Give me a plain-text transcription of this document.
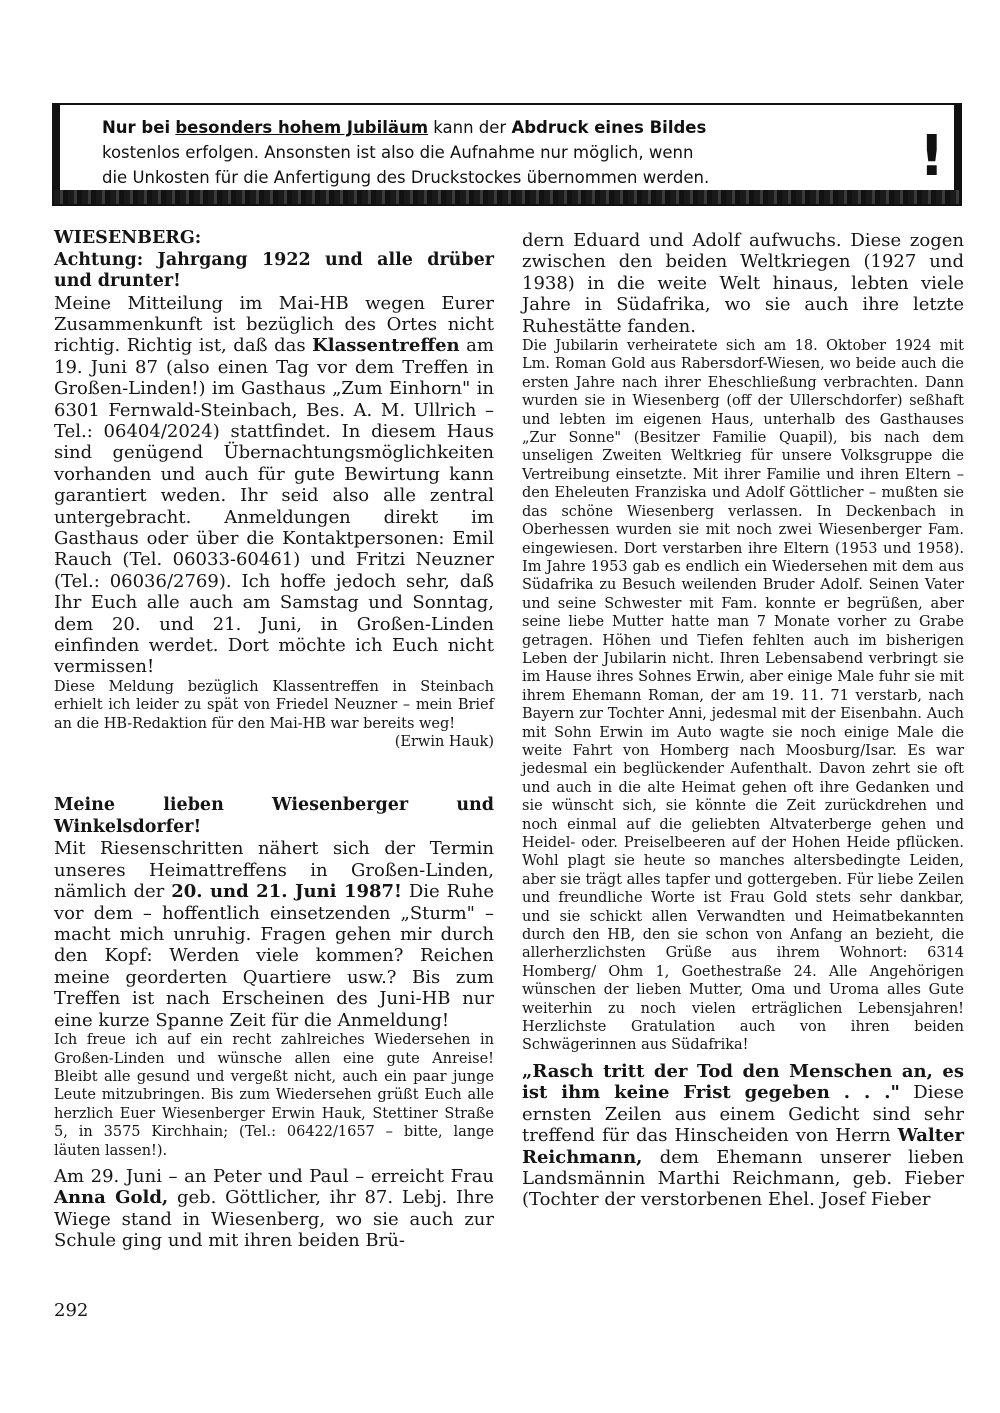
Nur bei besonders hohem Jubiläum kann der Abdruck eines Bildes

kostenlos erfolgen. Ansonsten ist also die Aufnahme nur möglich, wenn

die Unkosten für die Anfertigung des Druckstockes übernommen werden.	!
WIESENBERG:
Achtung: Jahrgang 1922 und alle drüber und drunter!

Meine Mitteilung im Mai-HB wegen Eurer Zusammenkunft ist bezüglich des Ortes nicht richtig. Richtig ist, daß das Klassentreffen am 19. Juni 87 (also einen Tag vor dem Treffen in Großen-Linden!) im Gasthaus „Zum Einhorn" in 6301 Fernwald-Steinbach, Bes. A. M. Ullrich – Tel.: 06404/2024) stattfindet. In diesem Haus sind genügend Übernachtungsmöglichkeiten vorhanden und auch für gute Bewirtung kann garantiert weden. Ihr seid also alle zentral untergebracht. Anmeldungen direkt im Gasthaus oder über die Kontaktpersonen: Emil Rauch (Tel. 06033-60461) und Fritzi Neuzner (Tel.: 06036/2769). Ich hoffe jedoch sehr, daß Ihr Euch alle auch am Samstag und Sonntag, dem 20. und 21. Juni, in Großen-Linden einfinden werdet. Dort möchte ich Euch nicht vermissen!

Diese Meldung bezüglich Klassentreffen in Steinbach erhielt ich leider zu spät von Friedel Neuzner – mein Brief an die HB-Redaktion für den Mai-HB war bereits weg!
(Erwin Hauk)

Meine lieben Wiesenberger und Winkelsdorfer!

Mit Riesenschritten nähert sich der Termin unseres Heimattreffens in Großen-Linden, nämlich der 20. und 21. Juni 1987! Die Ruhe vor dem – hoffentlich einsetzenden „Sturm" – macht mich unruhig. Fragen gehen mir durch den Kopf: Werden viele kommen? Reichen meine georderten Quartiere usw.? Bis zum Treffen ist nach Erscheinen des Juni-HB nur eine kurze Spanne Zeit für die Anmeldung!

Ich freue ich auf ein recht zahlreiches Wiedersehen in Großen-Linden und wünsche allen eine gute Anreise! Bleibt alle gesund und vergeßt nicht, auch ein paar junge Leute mitzubringen. Bis zum Wiedersehen grüßt Euch alle herzlich Euer Wiesenberger Erwin Hauk, Stettiner Straße 5, in 3575 Kirchhain; (Tel.: 06422/1657 – bitte, lange läuten lassen!).

Am 29. Juni – an Peter und Paul – erreicht Frau Anna Gold, geb. Göttlicher, ihr 87. Lebj. Ihre Wiege stand in Wiesenberg, wo sie auch zur Schule ging und mit ihren beiden Brü-

dern Eduard und Adolf aufwuchs. Diese zogen zwischen den beiden Weltkriegen (1927 und 1938) in die weite Welt hinaus, lebten viele Jahre in Südafrika, wo sie auch ihre letzte Ruhestätte fanden.

Die Jubilarin verheiratete sich am 18. Oktober 1924 mit Lm. Roman Gold aus Rabersdorf-Wiesen, wo beide auch die ersten Jahre nach ihrer Eheschließung verbrachten. Dann wurden sie in Wiesenberg (off der Ullerschdorfer) seßhaft und lebten im eigenen Haus, unterhalb des Gasthauses „Zur Sonne" (Besitzer Familie Quapil), bis nach dem unseligen Zweiten Weltkrieg für unsere Volksgruppe die Vertreibung einsetzte. Mit ihrer Familie und ihren Eltern – den Eheleuten Franziska und Adolf Göttlicher – mußten sie das schöne Wiesenberg verlassen. In Deckenbach in Oberhessen wurden sie mit noch zwei Wiesenberger Fam. eingewiesen. Dort verstarben ihre Eltern (1953 und 1958). Im Jahre 1953 gab es endlich ein Wiedersehen mit dem aus Südafrika zu Besuch weilenden Bruder Adolf. Seinen Vater und seine Schwester mit Fam. konnte er begrüßen, aber seine liebe Mutter hatte man 7 Monate vorher zu Grabe getragen. Höhen und Tiefen fehlten auch im bisherigen Leben der Jubilarin nicht. Ihren Lebensabend verbringt sie im Hause ihres Sohnes Erwin, aber einige Male fuhr sie mit ihrem Ehemann Roman, der am 19. 11. 71 verstarb, nach Bayern zur Tochter Anni, jedesmal mit der Eisenbahn. Auch mit Sohn Erwin im Auto wagte sie noch einige Male die weite Fahrt von Homberg nach Moosburg/Isar. Es war jedesmal ein beglückender Aufenthalt. Davon zehrt sie oft und auch in die alte Heimat gehen oft ihre Gedanken und sie wünscht sich, sie könnte die Zeit zurückdrehen und noch einmal auf die geliebten Altvaterberge gehen und Heidel- oder. Preiselbeeren auf der Hohen Heide pflücken. Wohl plagt sie heute so manches altersbedingte Leiden, aber sie trägt alles tapfer und gottergeben. Für liebe Zeilen und freundliche Worte ist Frau Gold stets sehr dankbar, und sie schickt allen Verwandten und Heimatbekannten durch den HB, den sie schon von Anfang an bezieht, die allerherzlichsten Grüße aus ihrem Wohnort: 6314 Homberg/ Ohm 1, Goethestraße 24. Alle Angehörigen wünschen der lieben Mutter, Oma und Uroma alles Gute weiterhin zu noch vielen erträglichen Lebensjahren! Herzlichste Gratulation auch von ihren beiden Schwägerinnen aus Südafrika!

„Rasch tritt der Tod den Menschen an, es ist ihm keine Frist gegeben . . ." Diese ernsten Zeilen aus einem Gedicht sind sehr treffend für das Hinscheiden von Herrn Walter Reichmann, dem Ehemann unserer lieben Landsmännin Marthi Reichmann, geb. Fieber (Tochter der verstorbenen Ehel. Josef Fieber

292
